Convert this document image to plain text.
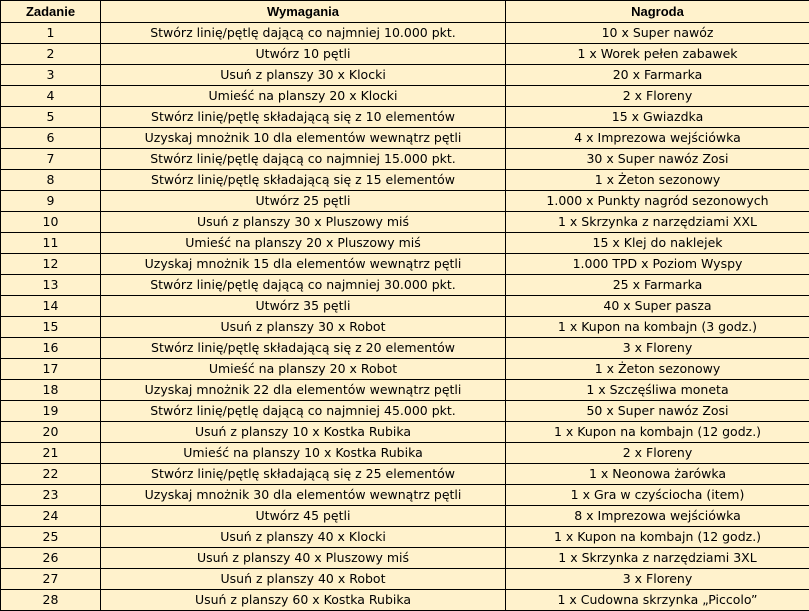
Zadanie	Wymagania	Nagroda
1	Stwórz linię/pętlę dającą co najmniej 10.000 pkt.	10 x Super nawóz
2	Utwórz 10 pętli	1 x Worek pełen zabawek
3	Usuń z planszy 30 x Klocki	20 x Farmarka
4	Umieść na planszy 20 x Klocki	2 x Floreny
5	Stwórz linię/pętlę składającą się z 10 elementów	15 x Gwiazdka
6	Uzyskaj mnożnik 10 dla elementów wewnątrz pętli	4 x Imprezowa wejściówka
7	Stwórz linię/pętlę dającą co najmniej 15.000 pkt.	30 x Super nawóz Zosi
8	Stwórz linię/pętlę składającą się z 15 elementów	1 x Żeton sezonowy
9	Utwórz 25 pętli	1.000 x Punkty nagród sezonowych
10	Usuń z planszy 30 x Pluszowy miś	1 x Skrzynka z narzędziami XXL
11	Umieść na planszy 20 x Pluszowy miś	15 x Klej do naklejek
12	Uzyskaj mnożnik 15 dla elementów wewnątrz pętli	1.000 TPD x Poziom Wyspy
13	Stwórz linię/pętlę dającą co najmniej 30.000 pkt.	25 x Farmarka
14	Utwórz 35 pętli	40 x Super pasza
15	Usuń z planszy 30 x Robot	1 x Kupon na kombajn (3 godz.)
16	Stwórz linię/pętlę składającą się z 20 elementów	3 x Floreny
17	Umieść na planszy 20 x Robot	1 x Żeton sezonowy
18	Uzyskaj mnożnik 22 dla elementów wewnątrz pętli	1 x Szczęśliwa moneta
19	Stwórz linię/pętlę dającą co najmniej 45.000 pkt.	50 x Super nawóz Zosi
20	Usuń z planszy 10 x Kostka Rubika	1 x Kupon na kombajn (12 godz.)
21	Umieść na planszy 10 x Kostka Rubika	2 x Floreny
22	Stwórz linię/pętlę składającą się z 25 elementów	1 x Neonowa żarówka
23	Uzyskaj mnożnik 30 dla elementów wewnątrz pętli	1 x Gra w czyściocha (item)
24	Utwórz 45 pętli	8 x Imprezowa wejściówka
25	Usuń z planszy 40 x Klocki	1 x Kupon na kombajn (12 godz.)
26	Usuń z planszy 40 x Pluszowy miś	1 x Skrzynka z narzędziami 3XL
27	Usuń z planszy 40 x Robot	3 x Floreny
28	Usuń z planszy 60 x Kostka Rubika	1 x Cudowna skrzynka „Piccolo”
